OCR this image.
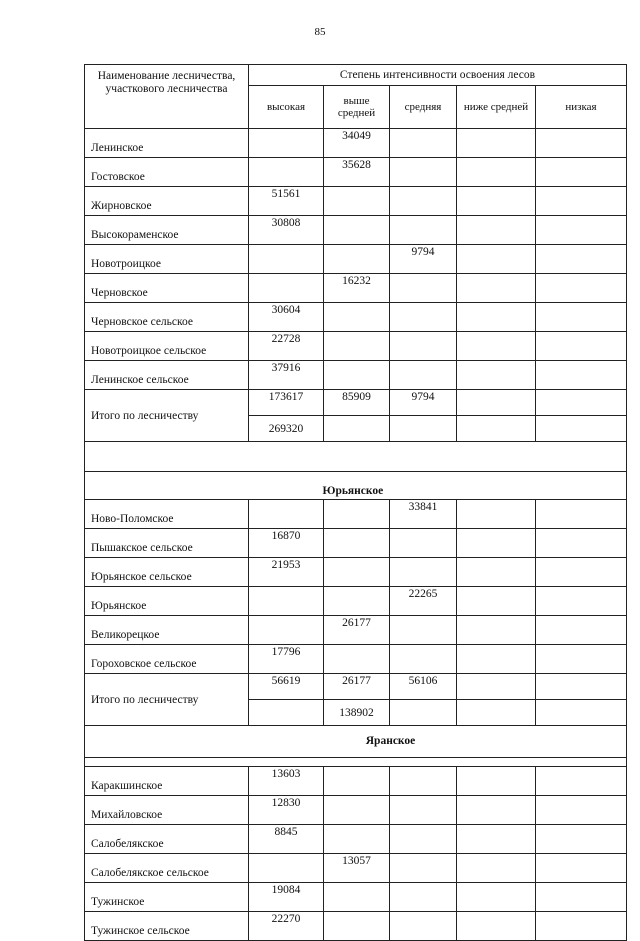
85
Наименование лесничества, участкового лесничества	Степень интенсивности освоения лесов				
	высокая	выше средней	средняя	ниже средней	низкая
Ленинское		34049			
Гостовское		35628			
Жирновское	51561				
Высокораменское	30808				
Новотроицкое			9794		
Черновское		16232			
Черновское сельское	30604				
Новотроицкое сельское	22728				
Ленинское сельское	37916				
Итого по лесничеству	173617	85909	9794		
	269320				

	Юрьянское				
Ново-Поломское			33841		
Пышакское сельское	16870				
Юрьянское сельское	21953				
Юрьянское			22265		
Великорецкое		26177			
Гороховское сельское	17796				
Итого по лесничеству	56619	26177	56106		
		138902			
Яранское					

Каракшинское	13603				
Михайловское	12830				
Салобелякское	8845				
Салобелякское сельское		13057			
Тужинское	19084				
Тужинское сельское	22270				
